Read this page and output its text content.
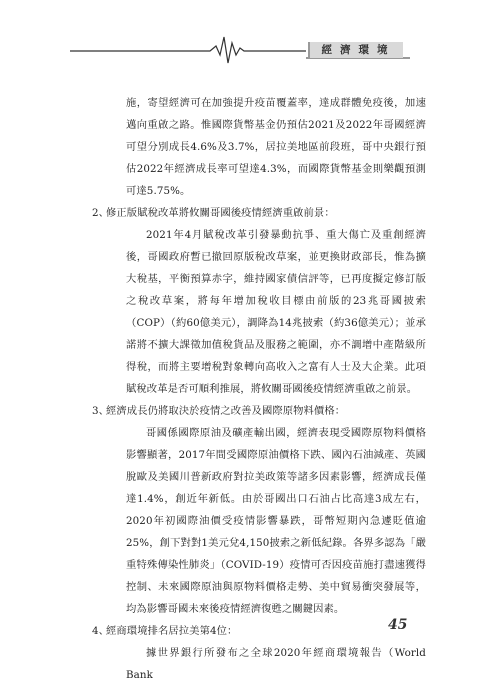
經濟環境

施，寄望經濟可在加強提升疫苗覆蓋率，達成群體免疫後，加速邁向重啟之路。惟國際貨幣基金仍預估2021及2022年哥國經濟可望分別成長4.6%及3.7%，居拉美地區前段班，哥中央銀行預估2022年經濟成長率可望達4.3%，而國際貨幣基金則樂觀預測可達5.75%。

2、
修正版賦稅改革將攸關哥國後疫情經濟重啟前景：

2021年4月賦稅改革引發暴動抗爭、重大傷亡及重創經濟後，哥國政府暫已撤回原版稅改草案，並更換財政部長，惟為擴大稅基，平衡預算赤字，維持國家債信評等，已再度擬定修訂版之稅改草案，將每年增加稅收目標由前版的23兆哥國披索（COP）（約60億美元），調降為14兆披索（約36億美元）；並承諾將不擴大課徵加值稅貨品及服務之範圍，亦不調增中產階級所得稅，而將主要增稅對象轉向高收入之富有人士及大企業。此項賦稅改革是否可順利推展，將攸關哥國後疫情經濟重啟之前景。

3、
經濟成長仍將取決於疫情之改善及國際原物料價格：

哥國係國際原油及礦產輸出國，經濟表現受國際原物料價格影響顯著，2017年間受國際原油價格下跌、國內石油減產、英國脫歐及美國川普新政府對拉美政策等諸多因素影響，經濟成長僅達1.4%，創近年新低。由於哥國出口石油占比高達3成左右，2020年初國際油價受疫情影響暴跌，哥幣短期內急遽貶值逾25%，創下對對1美元兌4,150披索之新低紀錄。各界多認為「嚴重特殊傳染性肺炎」（COVID-19）疫情可否因疫苗施打盡速獲得控制、未來國際原油與原物料價格走勢、美中貿易衝突發展等，均為影響哥國未來後疫情經濟復甦之關鍵因素。

4、
經商環境排名居拉美第4位：

據世界銀行所發布之全球2020年經商環境報告（World Bank

45
